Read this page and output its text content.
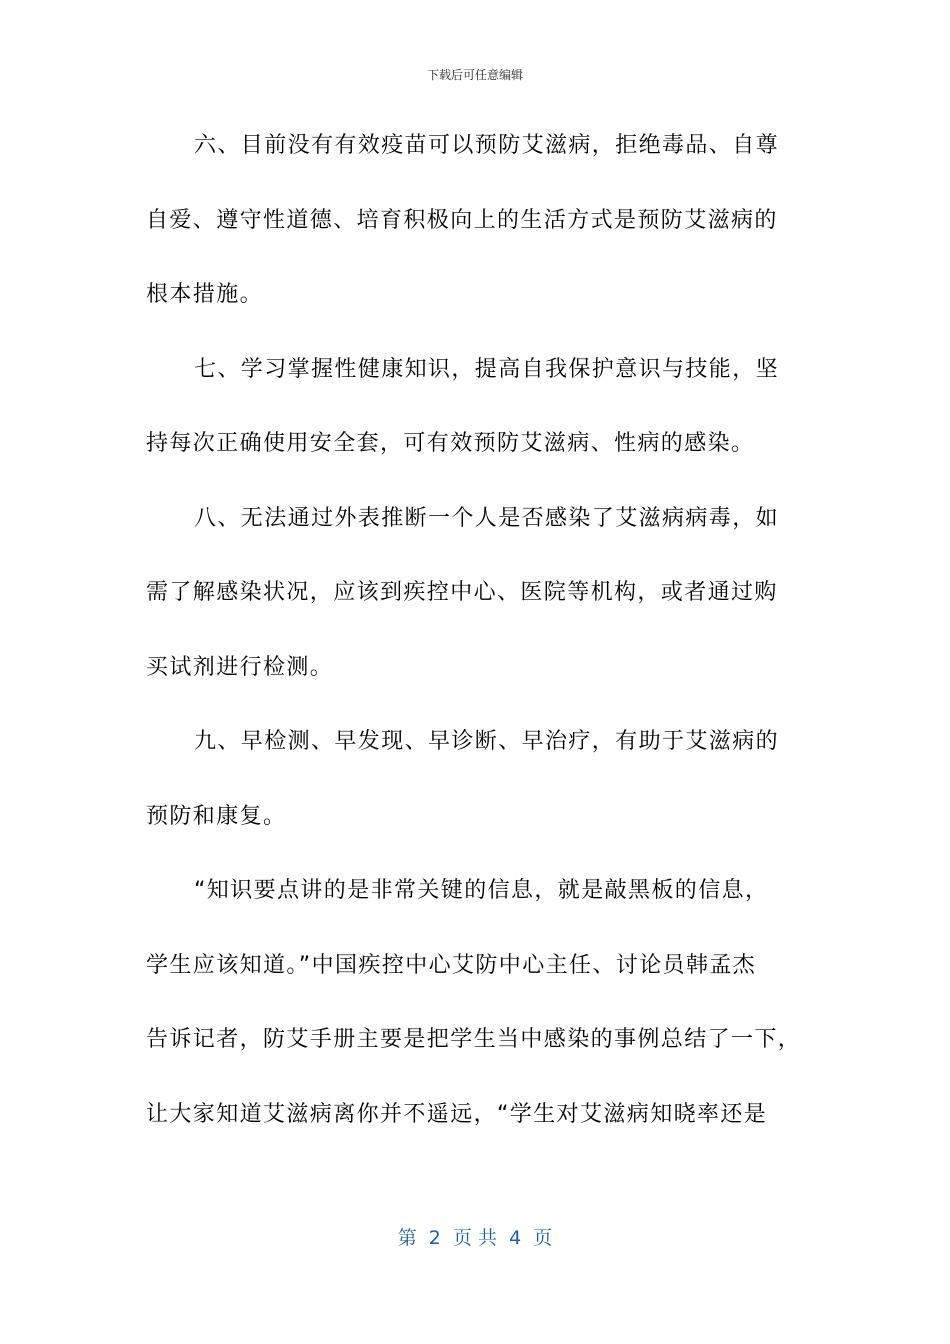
下载后可任意编辑
六、目前没有有效疫苗可以预防艾滋病，拒绝毒品、自尊
自爱、遵守性道德、培育积极向上的生活方式是预防艾滋病的
根本措施。
七、学习掌握性健康知识，提高自我保护意识与技能，坚
持每次正确使用安全套，可有效预防艾滋病、性病的感染。
八、无法通过外表推断一个人是否感染了艾滋病病毒，如
需了解感染状况，应该到疾控中心、医院等机构，或者通过购
买试剂进行检测。
九、早检测、早发现、早诊断、早治疗，有助于艾滋病的
预防和康复。
“知识要点讲的是非常关键的信息，就是敲黑板的信息，
学生应该知道。”中国疾控中心艾防中心主任、讨论员韩孟杰
告诉记者，防艾手册主要是把学生当中感染的事例总结了一下，
让大家知道艾滋病离你并不遥远，“学生对艾滋病知晓率还是
第  2  页 共  4  页
